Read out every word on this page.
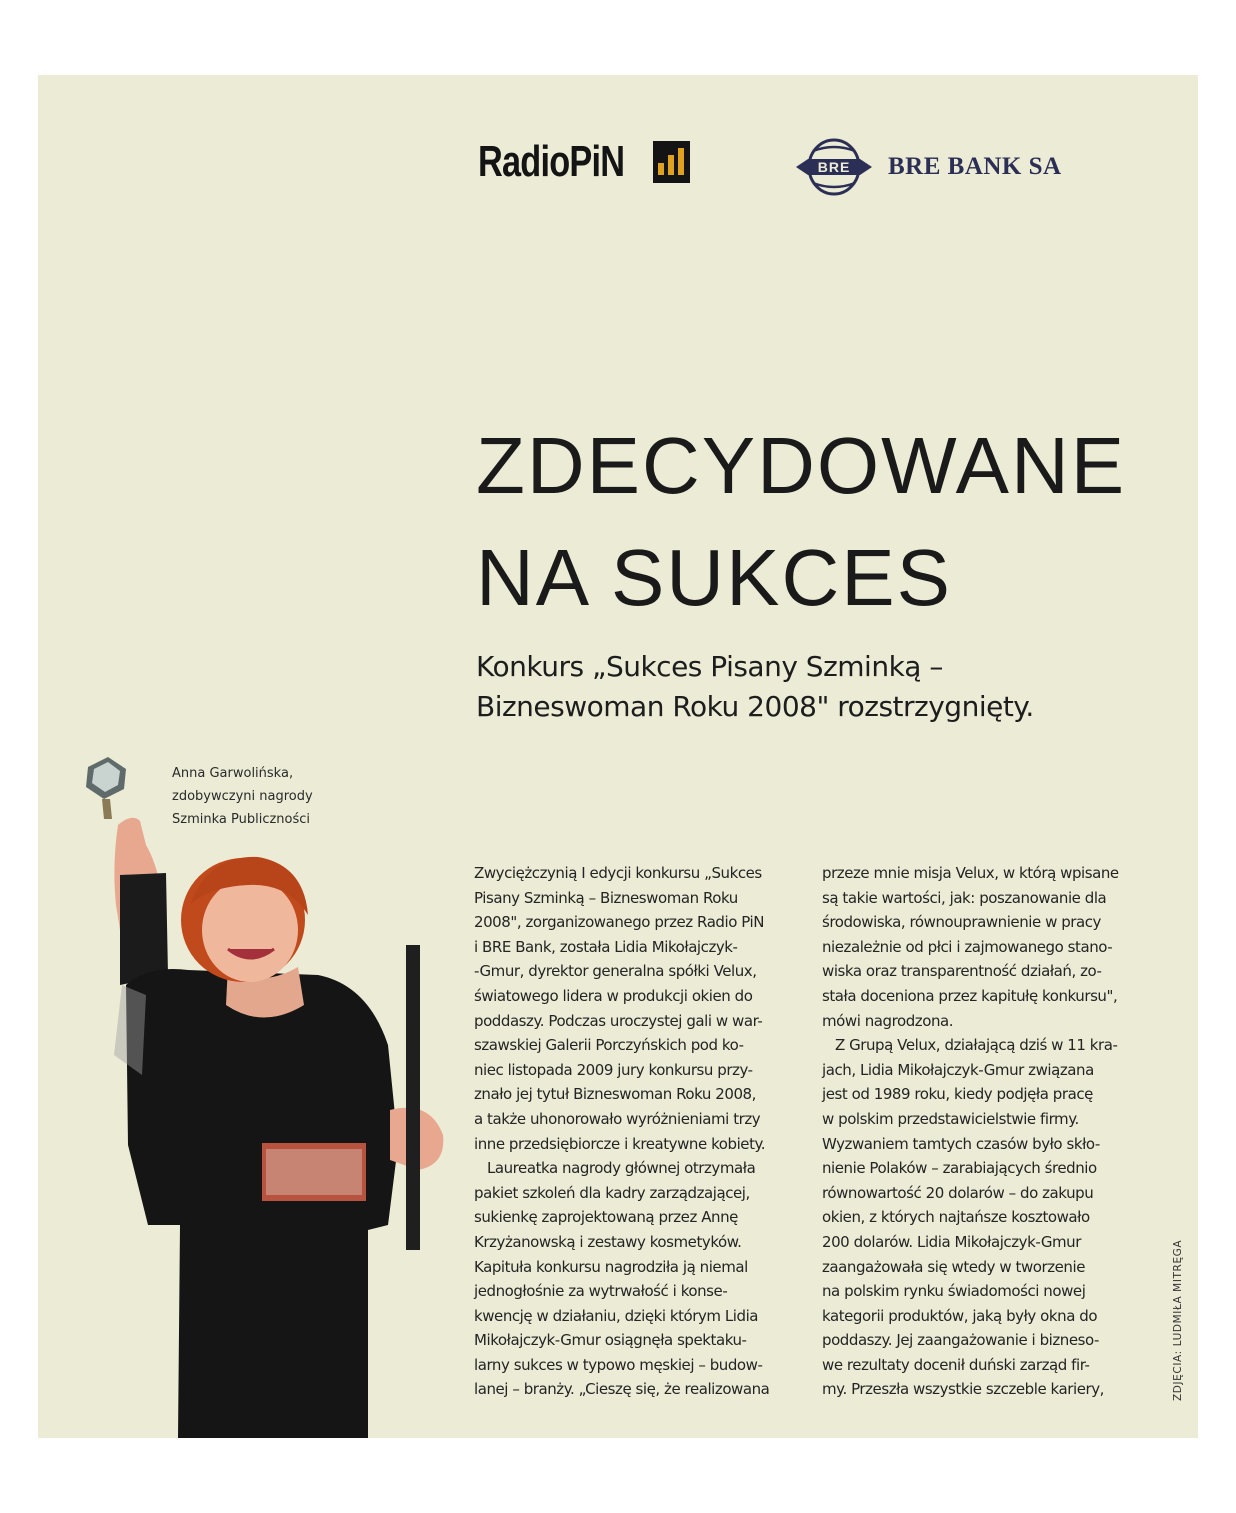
RadioPiN	BRE BRE BANK SA
ZDECYDOWANE
NA SUKCES
Konkurs „Sukces Pisany Szminką –
Bizneswoman Roku 2008" rozstrzygnięty.
Anna Garwolińska,
zdobywczyni nagrody
Szminka Publiczności
Zwyciężczynią I edycji konkursu „Sukces
Pisany Szminką – Bizneswoman Roku
2008", zorganizowanego przez Radio PiN
i BRE Bank, została Lidia Mikołajczyk-
-Gmur, dyrektor generalna spółki Velux,
światowego lidera w produkcji okien do
poddaszy. Podczas uroczystej gali w war-
szawskiej Galerii Porczyńskich pod ko-
niec listopada 2009 jury konkursu przy-
znało jej tytuł Bizneswoman Roku 2008,
a także uhonorowało wyróżnieniami trzy
inne przedsiębiorcze i kreatywne kobiety.
Laureatka nagrody głównej otrzymała
pakiet szkoleń dla kadry zarządzającej,
sukienkę zaprojektowaną przez Annę
Krzyżanowską i zestawy kosmetyków.
Kapituła konkursu nagrodziła ją niemal
jednogłośnie za wytrwałość i konse-
kwencję w działaniu, dzięki którym Lidia
Mikołajczyk-Gmur osiągnęła spektaku-
larny sukces w typowo męskiej – budow-
lanej – branży. „Cieszę się, że realizowana
przeze mnie misja Velux, w którą wpisane
są takie wartości, jak: poszanowanie dla
środowiska, równouprawnienie w pracy
niezależnie od płci i zajmowanego stano-
wiska oraz transparentność działań, zo-
stała doceniona przez kapitułę konkursu",
mówi nagrodzona.
Z Grupą Velux, działającą dziś w 11 kra-
jach, Lidia Mikołajczyk-Gmur związana
jest od 1989 roku, kiedy podjęła pracę
w polskim przedstawicielstwie firmy.
Wyzwaniem tamtych czasów było skło-
nienie Polaków – zarabiających średnio
równowartość 20 dolarów – do zakupu
okien, z których najtańsze kosztowało
200 dolarów. Lidia Mikołajczyk-Gmur
zaangażowała się wtedy w tworzenie
na polskim rynku świadomości nowej
kategorii produktów, jaką były okna do
poddaszy. Jej zaangażowanie i bizneso-
we rezultaty docenił duński zarząd fir-
my. Przeszła wszystkie szczeble kariery,	ZDJĘCIA: LUDMIŁA MITRĘGA
